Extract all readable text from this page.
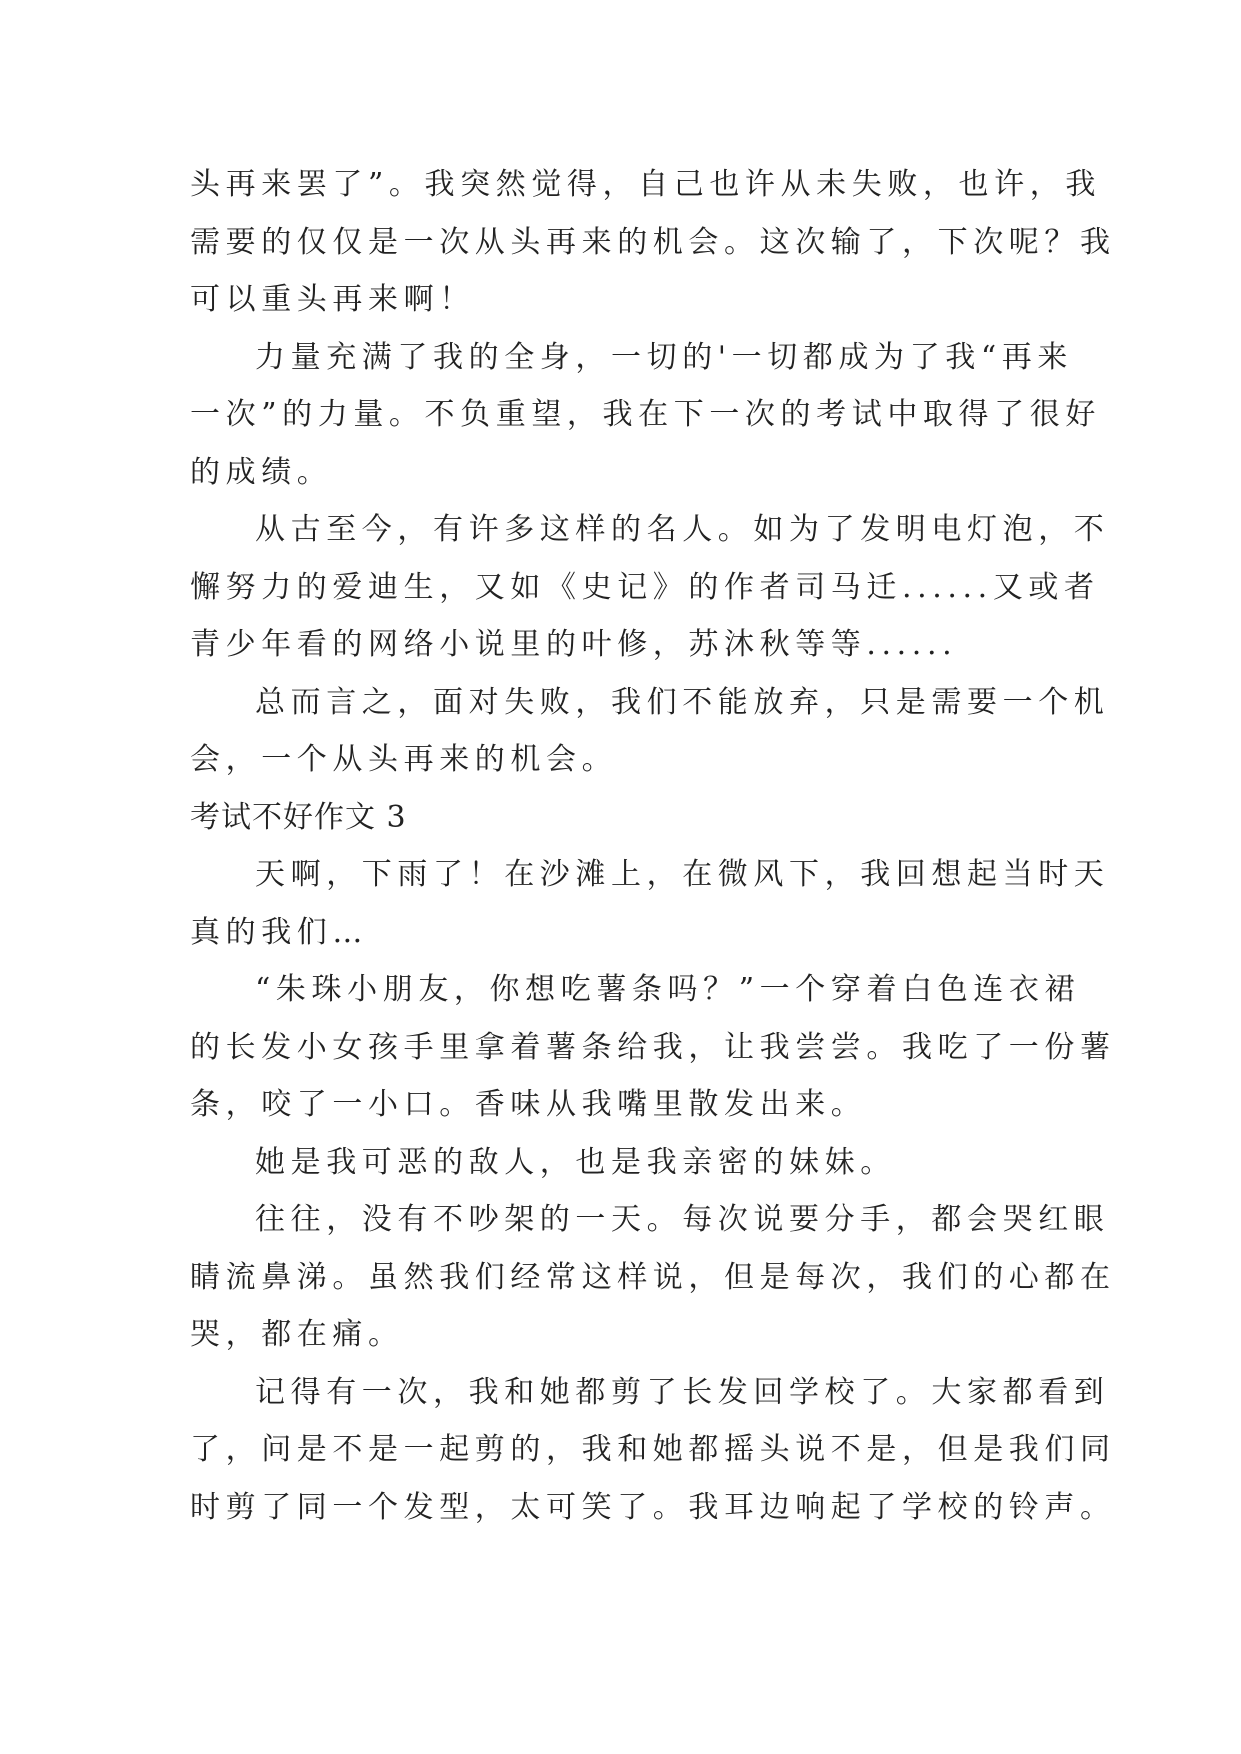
头再来罢了”。我突然觉得，自己也许从未失败，也许，我
需要的仅仅是一次从头再来的机会。这次输了，下次呢？我
可以重头再来啊！
力量充满了我的全身，一切的'一切都成为了我“再来
一次”的力量。不负重望，我在下一次的考试中取得了很好
的成绩。
从古至今，有许多这样的名人。如为了发明电灯泡，不
懈努力的爱迪生，又如《史记》的作者司马迁......又或者
青少年看的网络小说里的叶修，苏沐秋等等......
总而言之，面对失败，我们不能放弃，只是需要一个机
会，一个从头再来的机会。
考试不好作文 3
天啊，下雨了！在沙滩上，在微风下，我回想起当时天
真的我们…
“朱珠小朋友，你想吃薯条吗？”一个穿着白色连衣裙
的长发小女孩手里拿着薯条给我，让我尝尝。我吃了一份薯
条，咬了一小口。香味从我嘴里散发出来。
她是我可恶的敌人，也是我亲密的妹妹。
往往，没有不吵架的一天。每次说要分手，都会哭红眼
睛流鼻涕。虽然我们经常这样说，但是每次，我们的心都在
哭，都在痛。
记得有一次，我和她都剪了长发回学校了。大家都看到
了，问是不是一起剪的，我和她都摇头说不是，但是我们同
时剪了同一个发型，太可笑了。我耳边响起了学校的铃声。
